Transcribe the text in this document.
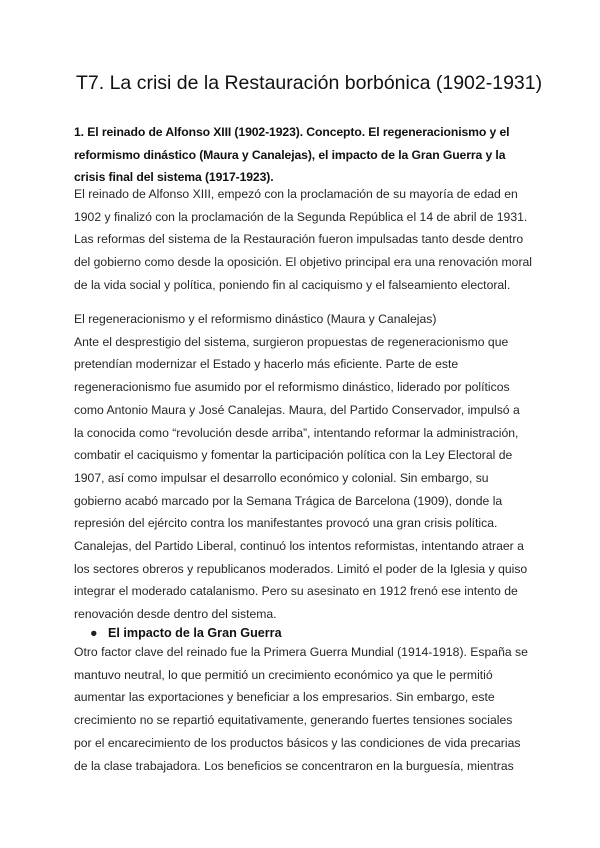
T7. La crisi de la Restauración borbónica (1902-1931)
1. El reinado de Alfonso XIII (1902-1923). Concepto. El regeneracionismo y el
reformismo dinástico (Maura y Canalejas), el impacto de la Gran Guerra y la
crisis final del sistema (1917-1923).
El reinado de Alfonso XIII, empezó con la proclamación de su mayoría de edad en
1902 y finalizó con la proclamación de la Segunda República el 14 de abril de 1931.
Las reformas del sistema de la Restauración fueron impulsadas tanto desde dentro
del gobierno como desde la oposición. El objetivo principal era una renovación moral
de la vida social y política, poniendo fin al caciquismo y el falseamiento electoral.
El regeneracionismo y el reformismo dinástico (Maura y Canalejas)
Ante el desprestigio del sistema, surgieron propuestas de regeneracionismo que
pretendían modernizar el Estado y hacerlo más eficiente. Parte de este
regeneracionismo fue asumido por el reformismo dinástico, liderado por políticos
como Antonio Maura y José Canalejas. Maura, del Partido Conservador, impulsó a
la conocida como “revolución desde arriba”, intentando reformar la administración,
combatir el caciquismo y fomentar la participación política con la Ley Electoral de
1907, así como impulsar el desarrollo económico y colonial. Sin embargo, su
gobierno acabó marcado por la Semana Trágica de Barcelona (1909), donde la
represión del ejército contra los manifestantes provocó una gran crisis política.
Canalejas, del Partido Liberal, continuó los intentos reformistas, intentando atraer a
los sectores obreros y republicanos moderados. Limitó el poder de la Iglesia y quiso
integrar el moderado catalanismo. Pero su asesinato en 1912 frenó ese intento de
renovación desde dentro del sistema.
● El impacto de la Gran Guerra
Otro factor clave del reinado fue la Primera Guerra Mundial (1914-1918). España se
mantuvo neutral, lo que permitió un crecimiento económico ya que le permitió
aumentar las exportaciones y beneficiar a los empresarios. Sin embargo, este
crecimiento no se repartió equitativamente, generando fuertes tensiones sociales
por el encarecimiento de los productos básicos y las condiciones de vida precarias
de la clase trabajadora. Los beneficios se concentraron en la burguesía, mientras
